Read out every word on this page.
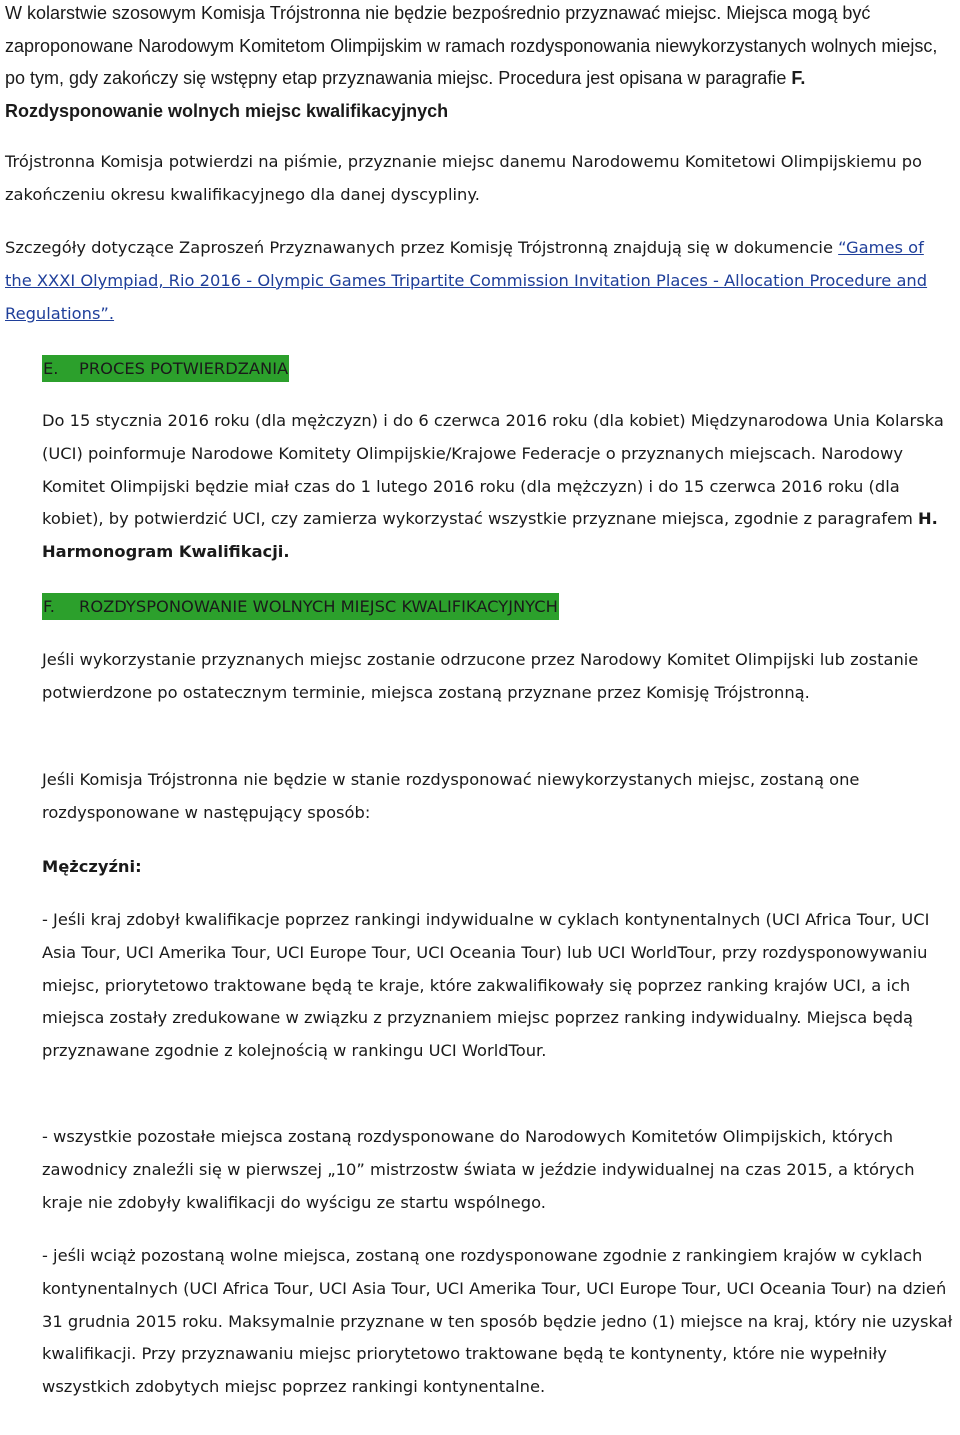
W kolarstwie szosowym Komisja Trójstronna nie będzie bezpośrednio przyznawać miejsc. Miejsca mogą być zaproponowane Narodowym Komitetom Olimpijskim w ramach rozdysponowania niewykorzystanych wolnych miejsc, po tym, gdy zakończy się wstępny etap przyznawania miejsc. Procedura jest opisana w paragrafie F. Rozdysponowanie wolnych miejsc kwalifikacyjnych

Trójstronna Komisja potwierdzi na piśmie, przyznanie miejsc danemu Narodowemu Komitetowi Olimpijskiemu po zakończeniu okresu kwalifikacyjnego dla danej dyscypliny.

Szczegóły dotyczące Zaproszeń Przyznawanych przez Komisję Trójstronną znajdują się w dokumencie “Games of the XXXI Olympiad, Rio 2016 - Olympic Games Tripartite Commission Invitation Places - Allocation Procedure and Regulations”.

E. PROCES POTWIERDZANIA

Do 15 stycznia 2016 roku (dla mężczyzn) i do 6 czerwca 2016 roku (dla kobiet) Międzynarodowa Unia Kolarska (UCI) poinformuje Narodowe Komitety Olimpijskie/Krajowe Federacje o przyznanych miejscach. Narodowy Komitet Olimpijski będzie miał czas do 1 lutego 2016 roku (dla mężczyzn) i do 15 czerwca 2016 roku (dla kobiet), by potwierdzić UCI, czy zamierza wykorzystać wszystkie przyznane miejsca, zgodnie z paragrafem H. Harmonogram Kwalifikacji.

F. ROZDYSPONOWANIE WOLNYCH MIEJSC KWALIFIKACYJNYCH

Jeśli wykorzystanie przyznanych miejsc zostanie odrzucone przez Narodowy Komitet Olimpijski lub zostanie potwierdzone po ostatecznym terminie, miejsca zostaną przyznane przez Komisję Trójstronną.

Jeśli Komisja Trójstronna nie będzie w stanie rozdysponować niewykorzystanych miejsc, zostaną one rozdysponowane w następujący sposób:

Mężczyźni:

- Jeśli kraj zdobył kwalifikacje poprzez rankingi indywidualne w cyklach kontynentalnych (UCI Africa Tour, UCI Asia Tour, UCI Amerika Tour, UCI Europe Tour, UCI Oceania Tour) lub UCI WorldTour, przy rozdysponowywaniu miejsc, priorytetowo traktowane będą te kraje, które zakwalifikowały się poprzez ranking krajów UCI, a ich miejsca zostały zredukowane w związku z przyznaniem miejsc poprzez ranking indywidualny. Miejsca będą przyznawane zgodnie z kolejnością w rankingu UCI WorldTour.

- wszystkie pozostałe miejsca zostaną rozdysponowane do Narodowych Komitetów Olimpijskich, których zawodnicy znaleźli się w pierwszej „10” mistrzostw świata w jeździe indywidualnej na czas 2015, a których kraje nie zdobyły kwalifikacji do wyścigu ze startu wspólnego.

- jeśli wciąż pozostaną wolne miejsca, zostaną one rozdysponowane zgodnie z rankingiem krajów w cyklach kontynentalnych (UCI Africa Tour, UCI Asia Tour, UCI Amerika Tour, UCI Europe Tour, UCI Oceania Tour) na dzień 31 grudnia 2015 roku. Maksymalnie przyznane w ten sposób będzie jedno (1) miejsce na kraj, który nie uzyskał kwalifikacji. Przy przyznawaniu miejsc priorytetowo traktowane będą te kontynenty, które nie wypełniły wszystkich zdobytych miejsc poprzez rankingi kontynentalne.
